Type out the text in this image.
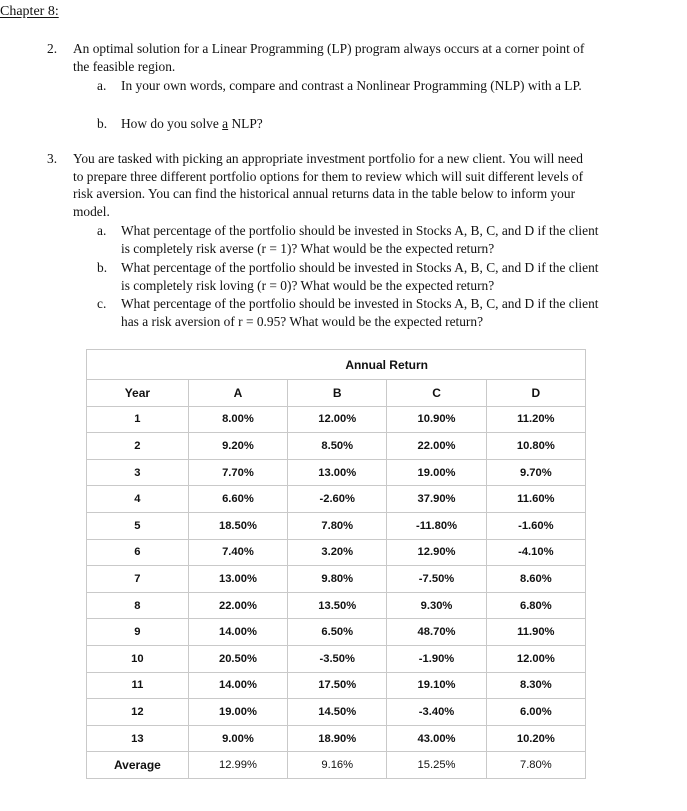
Chapter 8:
2. An optimal solution for a Linear Programming (LP) program always occurs at a corner point of
the feasible region.
a. In your own words, compare and contrast a Nonlinear Programming (NLP) with a LP.
b. How do you solve a NLP?
3. You are tasked with picking an appropriate investment portfolio for a new client. You will need
to prepare three different portfolio options for them to review which will suit different levels of
risk aversion. You can find the historical annual returns data in the table below to inform your
model.
a. What percentage of the portfolio should be invested in Stocks A, B, C, and D if the client
is completely risk averse (r = 1)? What would be the expected return?
b. What percentage of the portfolio should be invested in Stocks A, B, C, and D if the client
is completely risk loving (r = 0)? What would be the expected return?
c. What percentage of the portfolio should be invested in Stocks A, B, C, and D if the client
has a risk aversion of r = 0.95? What would be the expected return?
	Annual Return			
Year	A	B	C	D
1	8.00%	12.00%	10.90%	11.20%
2	9.20%	8.50%	22.00%	10.80%
3	7.70%	13.00%	19.00%	9.70%
4	6.60%	-2.60%	37.90%	11.60%
5	18.50%	7.80%	-11.80%	-1.60%
6	7.40%	3.20%	12.90%	-4.10%
7	13.00%	9.80%	-7.50%	8.60%
8	22.00%	13.50%	9.30%	6.80%
9	14.00%	6.50%	48.70%	11.90%
10	20.50%	-3.50%	-1.90%	12.00%
11	14.00%	17.50%	19.10%	8.30%
12	19.00%	14.50%	-3.40%	6.00%
13	9.00%	18.90%	43.00%	10.20%
Average	12.99%	9.16%	15.25%	7.80%
